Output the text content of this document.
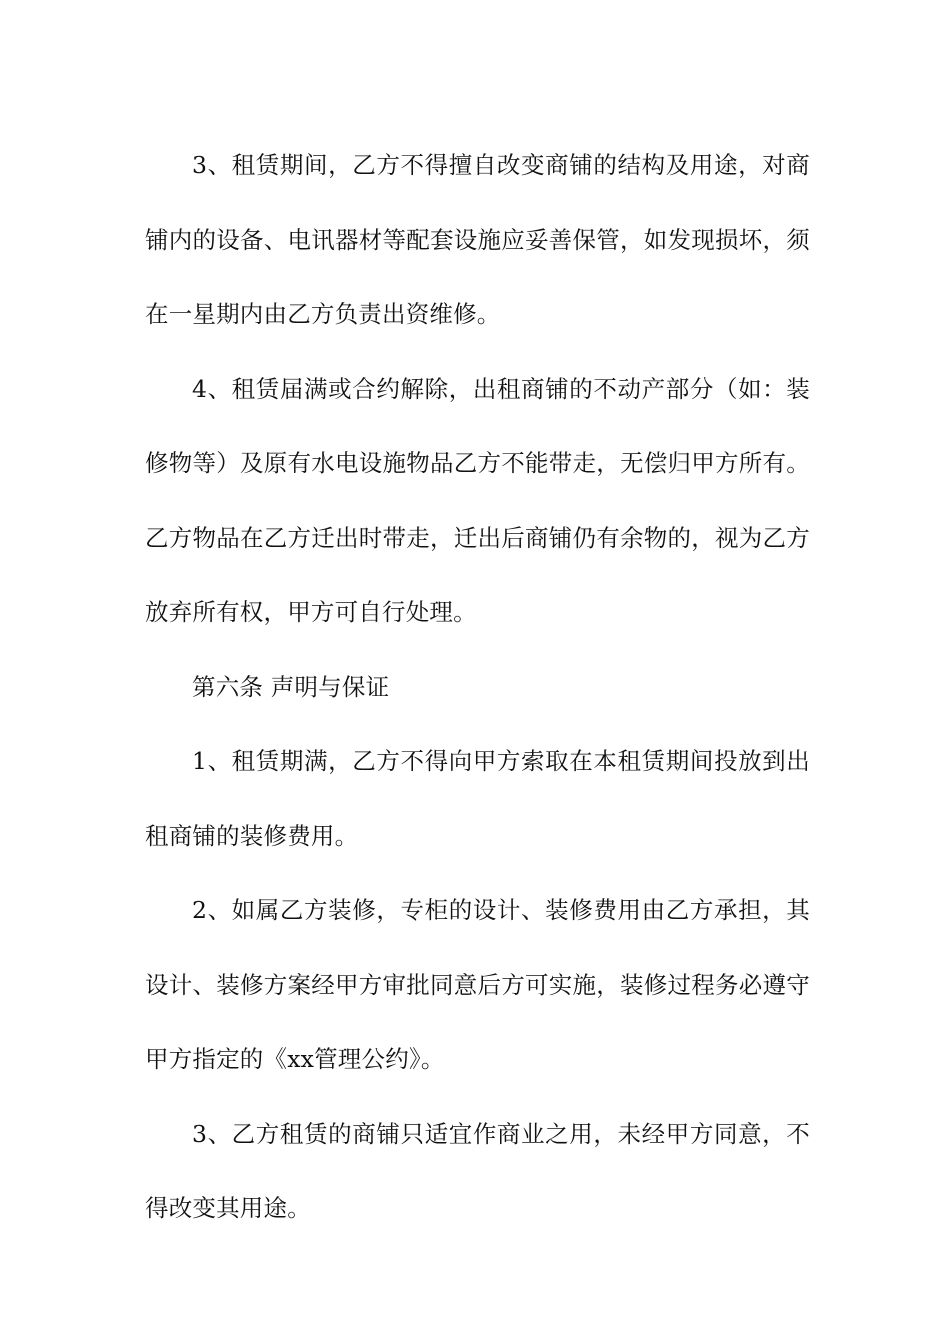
3、租赁期间，乙方不得擅自改变商铺的结构及用途，对商铺内的设备、电讯器材等配套设施应妥善保管，如发现损坏，须在一星期内由乙方负责出资维修。

4、租赁届满或合约解除，出租商铺的不动产部分（如：装修物等）及原有水电设施物品乙方不能带走，无偿归甲方所有。乙方物品在乙方迁出时带走，迁出后商铺仍有余物的，视为乙方放弃所有权，甲方可自行处理。

第六条 声明与保证

1、租赁期满，乙方不得向甲方索取在本租赁期间投放到出租商铺的装修费用。

2、如属乙方装修，专柜的设计、装修费用由乙方承担，其设计、装修方案经甲方审批同意后方可实施，装修过程务必遵守甲方指定的《xx管理公约》。

3、乙方租赁的商铺只适宜作商业之用，未经甲方同意，不得改变其用途。
